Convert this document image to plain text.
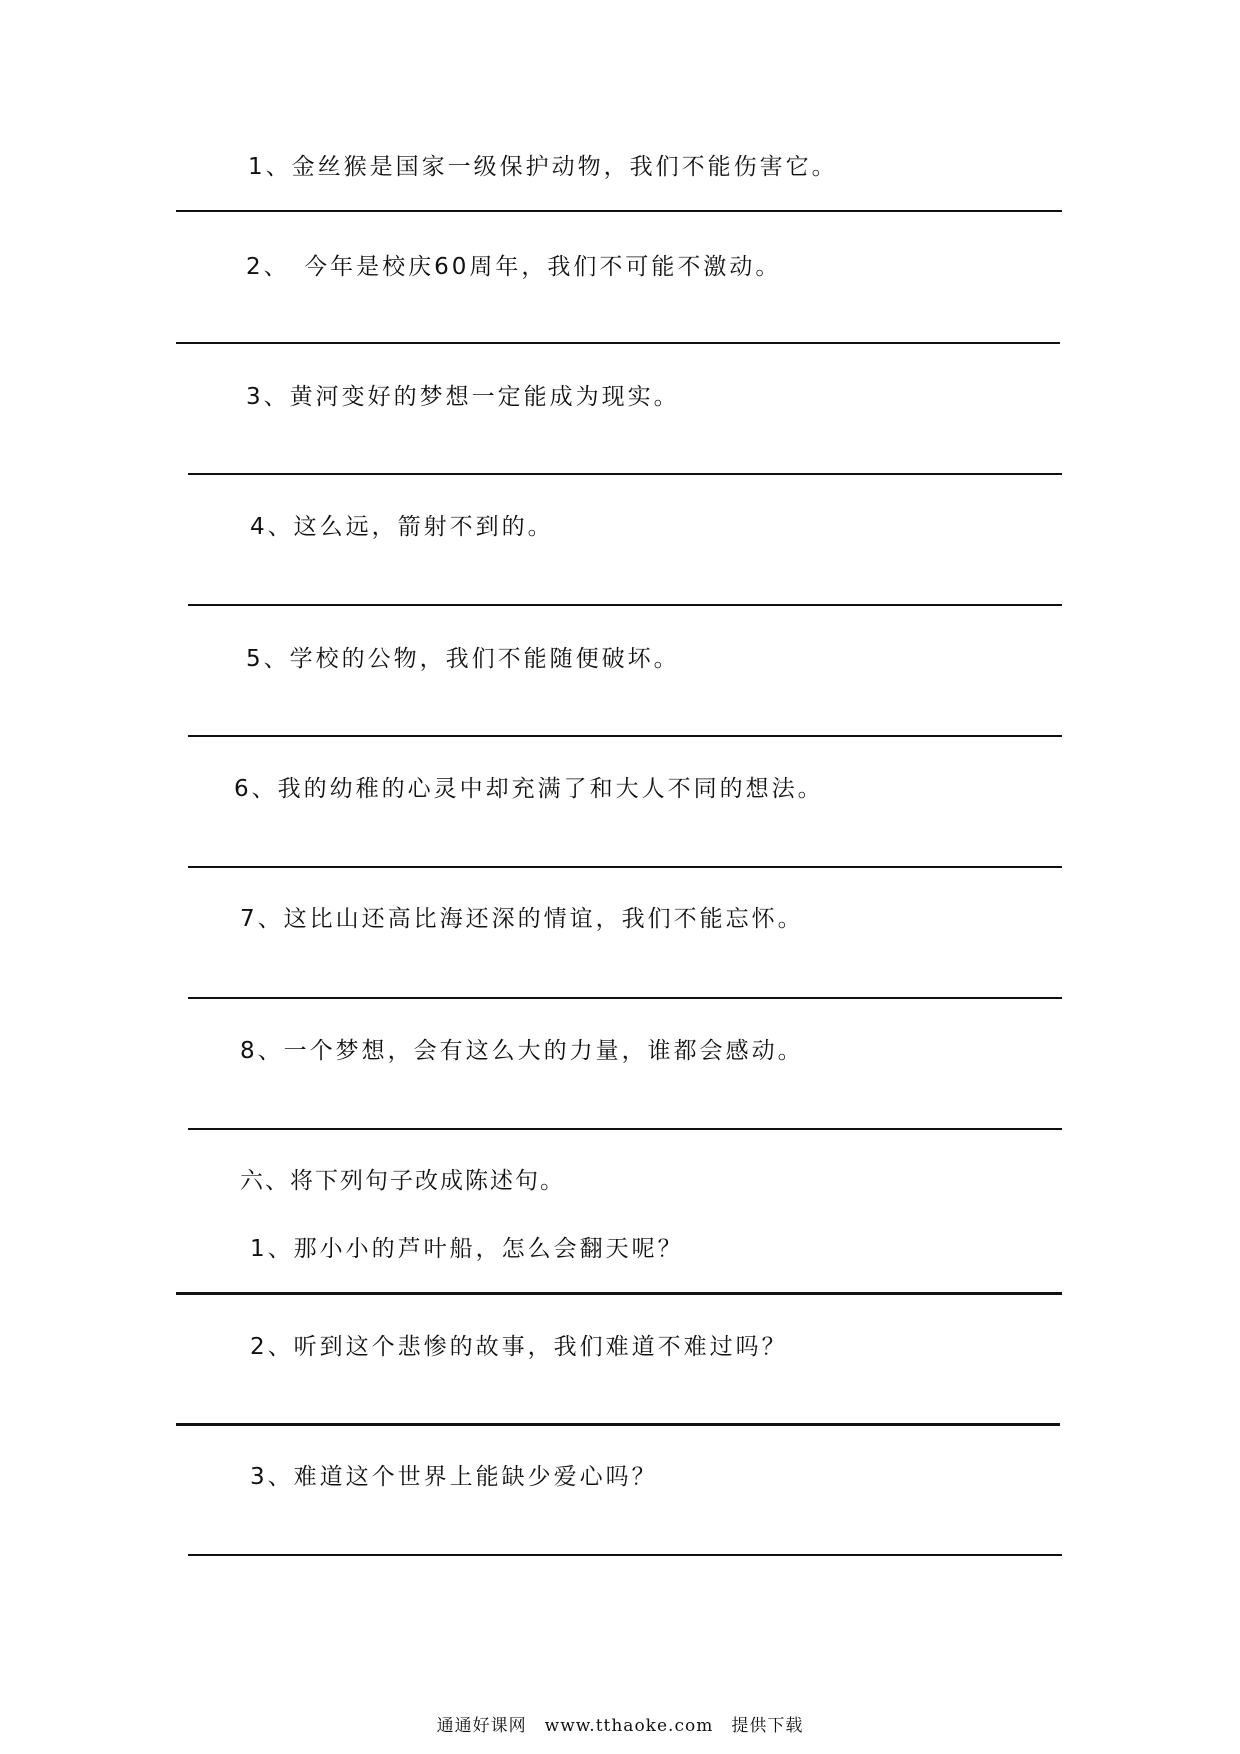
1、金丝猴是国家一级保护动物，我们不能伤害它。
2、　今年是校庆60周年，我们不可能不激动。
3、黄河变好的梦想一定能成为现实。
4、这么远，箭射不到的。
5、学校的公物，我们不能随便破坏。
6、我的幼稚的心灵中却充满了和大人不同的想法。
7、这比山还高比海还深的情谊，我们不能忘怀。
8、一个梦想，会有这么大的力量，谁都会感动。
六、将下列句子改成陈述句。
1、那小小的芦叶船，怎么会翻天呢？
2、听到这个悲惨的故事，我们难道不难过吗？
3、难道这个世界上能缺少爱心吗？
通通好课网　www.tthaoke.com　提供下载
